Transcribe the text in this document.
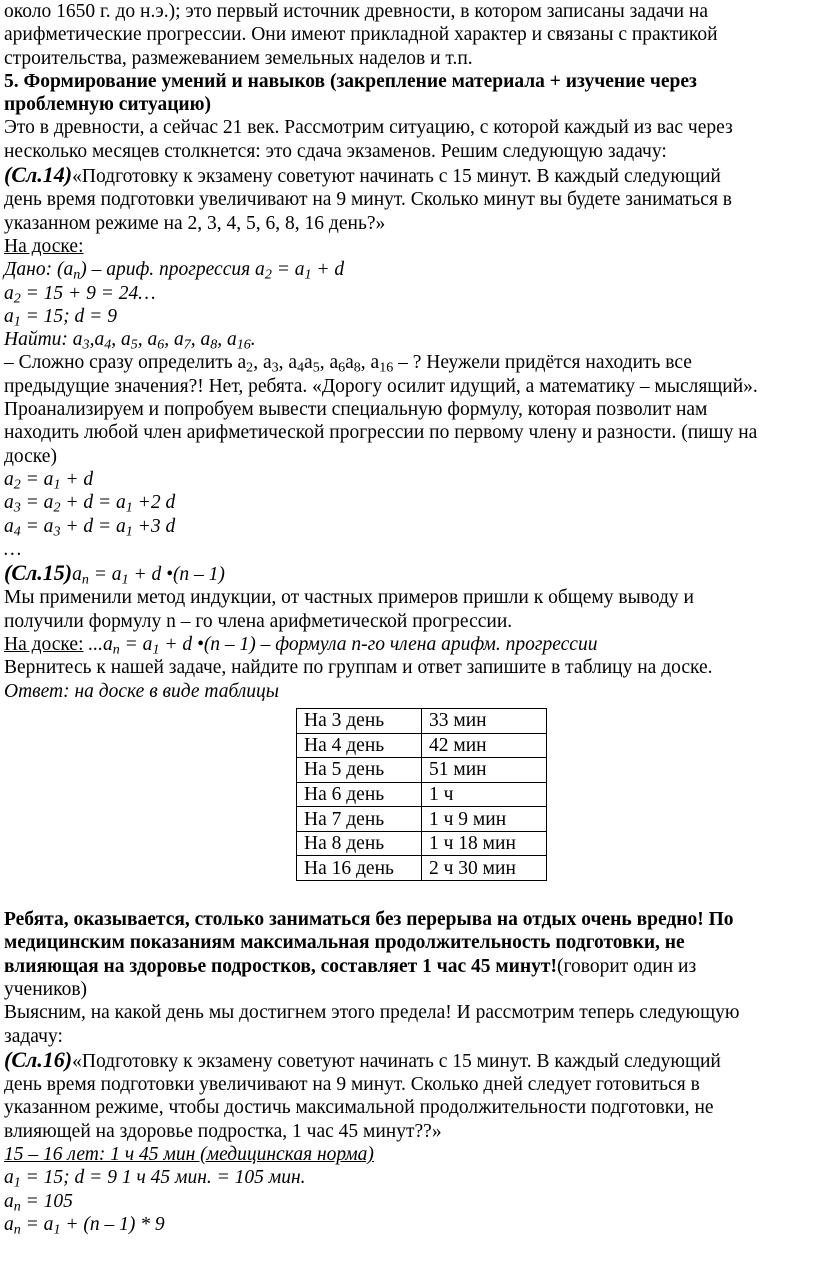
около 1650 г. до н.э.); это первый источник древности, в котором записаны задачи на
арифметические прогрессии. Они имеют прикладной характер и связаны с практикой
строительства, размежеванием земельных наделов и т.п.
5. Формирование умений и навыков (закрепление материала + изучение через
проблемную ситуацию)
Это в древности, а сейчас 21 век. Рассмотрим ситуацию, с которой каждый из вас через
несколько месяцев столкнется: это сдача экзаменов. Решим следующую задачу:
(Сл.14)«Подготовку к экзамену советуют начинать с 15 минут. В каждый следующий
день время подготовки увеличивают на 9 минут. Сколько минут вы будете заниматься в
указанном режиме на 2, 3, 4, 5, 6, 8, 16 день?»
На доске:
Дано: $(a_n)$ – ариф. прогрессия $a_2 = a_1 + d$
$a_2 = 15 + 9$ = 24…
$a_1 = 15$; d = 9
Найти: $a_3,a_4$, $a_5$, $a_6$, $a_7$, $a_8$, $a_{16}$.
– Сложно сразу определить $a_2$, $a_3$, $a_4a_5$, $a_6a_8$, $a_{16}$ – ? Неужели придётся находить все
предыдущие значения?! Нет, ребята. «Дорогу осилит идущий, а математику – мыслящий».
Проанализируем и попробуем вывести специальную формулу, которая позволит нам
находить любой член арифметической прогрессии по первому члену и разности. (пишу на
доске)
$a_2 = a_1 + d$
$a_3 = a_2 + d = a_1 +2$ d
$a_4 = a_3 + d = a_1 +3$ d
…
$(Сл.15)a_n = a_1 + d$ •(n – 1)
Мы применили метод индукции, от частных примеров пришли к общему выводу и
получили формулу n – го члена арифметической прогрессии.
На доске: $...a_n = a_1 + d$ •(n – 1) – формула n-го члена арифм. прогрессии
Вернитесь к нашей задаче, найдите по группам и ответ запишите в таблицу на доске.
Ответ: на доске в виде таблицы
На 3 день	33 мин
На 4 день	42 мин
На 5 день	51 мин
На 6 день	1 ч
На 7 день	1 ч 9 мин
На 8 день	1 ч 18 мин
На 16 день	2 ч 30 мин
Ребята, оказывается, столько заниматься без перерыва на отдых очень вредно! По
медицинским показаниям максимальная продолжительность подготовки, не
влияющая на здоровье подростков, составляет 1 час 45 минут!(говорит один из
учеников)
Выясним, на какой день мы достигнем этого предела! И рассмотрим теперь следующую
задачу:
(Сл.16)«Подготовку к экзамену советуют начинать с 15 минут. В каждый следующий
день время подготовки увеличивают на 9 минут. Сколько дней следует готовиться в
указанном режиме, чтобы достичь максимальной продолжительности подготовки, не
влияющей на здоровье подростка, 1 час 45 минут??»
15 – 16 лет: 1 ч 45 мин (медицинская норма)
$a_1 = 15$; d = 9 1 ч 45 мин. = 105 мин.
$a_n = 105$
$a_n = a_1 + (n - 1) * 9$
